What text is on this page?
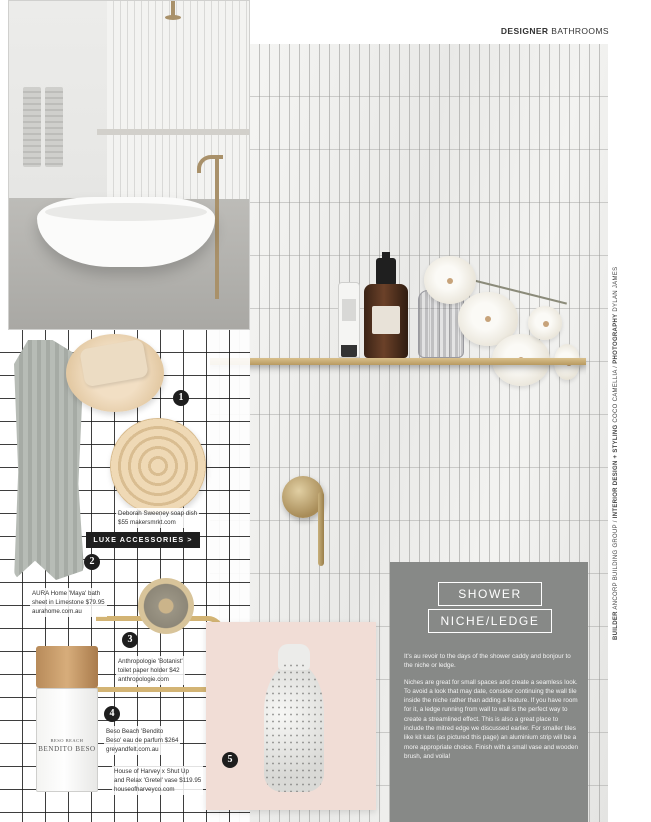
DESIGNER BATHROOMS
BUILDER ANCORP BUILDING GROUP / INTERIOR DESIGN + STYLING COCO CAMELLIA / PHOTOGRAPHY DYLAN JAMES
BESO BEACH
BENDITO BESO
1
2
3
4
5
Deborah Sweeney soap dish
$55 makersmrkt.com
AURA Home 'Maya' bath
sheet in Limestone $79.95
aurahome.com.au
Anthropologie 'Botanist'
toilet paper holder $42
anthropologie.com
Beso Beach 'Bendito
Beso' eau de parfum $264
greyandfelt.com.au
House of Harvey x Shut Up
and Relax 'Gretel' vase $119.95
houseofharveyco.com
LUXE ACCESSORIES >
SHOWER
NICHE/LEDGE

It's au revoir to the days of the shower caddy and bonjour to the niche or ledge.

Niches are great for small spaces and create a seamless look. To avoid a look that may date, consider continuing the wall tile inside the niche rather than adding a feature. If you have room for it, a ledge running from wall to wall is the perfect way to create a streamlined effect. This is also a great place to include the mitred edge we discussed earlier. For smaller tiles like kit kats (as pictured this page) an aluminium strip will be a more appropriate choice. Finish with a small vase and wooden brush, and voila!
